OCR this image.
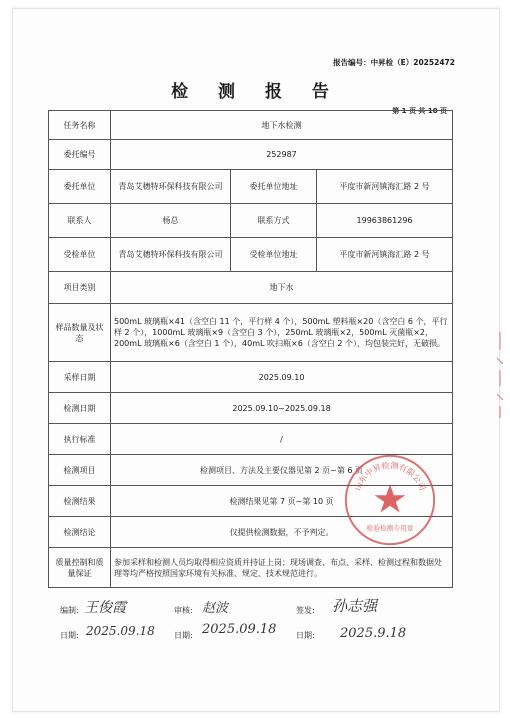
报告编号：中昇检（E）20252472
检 测 报 告
第 1 页 共 10 页
任务名称	地下水检测		
委托编号	252987		
委托单位	青岛艾穗特环保科技有限公司	委托单位地址	平度市新河镇海汇路 2 号
联系人	杨总	联系方式	19963861296
受检单位	青岛艾穗特环保科技有限公司	受检单位地址	平度市新河镇海汇路 2 号
项目类别	地下水		
样品数量及状态	500mL 玻璃瓶×41（含空白 11 个，平行样 4 个），500mL 塑料瓶×20（含空白 6 个，平行样 2 个），1000mL 玻璃瓶×9（含空白 3 个），250mL 玻璃瓶×2，500mL 灭菌瓶×2，200mL 玻璃瓶×6（含空白 1 个），40mL 吹扫瓶×6（含空白 2 个），均包装完好，无破损。		
采样日期	2025.09.10		
检测日期	2025.09.10~2025.09.18		
执行标准	/		
检测项目	检测项目、方法及主要仪器见第 2 页~第 6 页		
检测结果	检测结果见第 7 页~第 10 页		
检测结论	仅提供检测数据，不予判定。		
质量控制和质量保证	参加采样和检测人员均取得相应资质并持证上岗；现场调查、布点、采样、检测过程和数据处理等均严格按照国家环境有关标准、规定、技术规范进行。		
编制: 王俊霞	审核: 赵波	签发: 孙志强
日期: 2025.09.18 日期: 2025.09.18 日期: 2025.9.18
山东中昇检测有限公司
检验检测专用章
